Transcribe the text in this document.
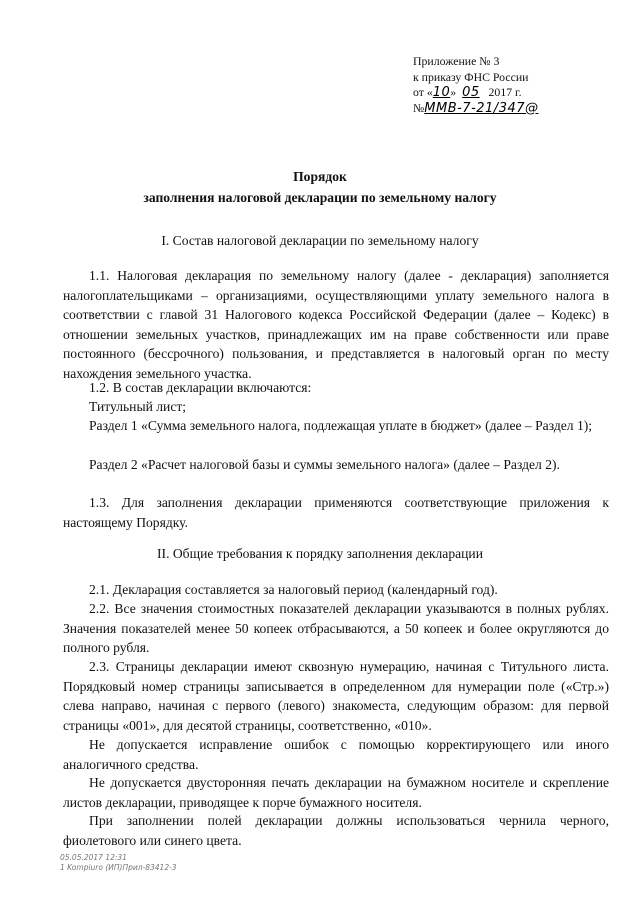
Приложение № 3
к приказу ФНС России
от «10» 05 2017 г.
№ММВ-7-21/347@
Порядок
заполнения налоговой декларации по земельному налогу
I. Состав налоговой декларации по земельному налогу
1.1. Налоговая декларация по земельному налогу (далее - декларация) заполняется налогоплательщиками – организациями, осуществляющими уплату земельного налога в соответствии с главой 31 Налогового кодекса Российской Федерации (далее – Кодекс) в отношении земельных участков, принадлежащих им на праве собственности или праве постоянного (бессрочного) пользования, и представляется в налоговый орган по месту нахождения земельного участка.
1.2. В состав декларации включаются:
Титульный лист;
Раздел 1 «Сумма земельного налога, подлежащая уплате в бюджет» (далее – Раздел 1);
Раздел 2 «Расчет налоговой базы и суммы земельного налога» (далее – Раздел 2).
1.3. Для заполнения декларации применяются соответствующие приложения к настоящему Порядку.
II. Общие требования к порядку заполнения декларации
2.1. Декларация составляется за налоговый период (календарный год).
2.2. Все значения стоимостных показателей декларации указываются в полных рублях. Значения показателей менее 50 копеек отбрасываются, а 50 копеек и более округляются до полного рубля.
2.3. Страницы декларации имеют сквозную нумерацию, начиная с Титульного листа. Порядковый номер страницы записывается в определенном для нумерации поле («Стр.») слева направо, начиная с первого (левого) знакоместа, следующим образом: для первой страницы «001», для десятой страницы, соответственно, «010».
Не допускается исправление ошибок с помощью корректирующего или иного аналогичного средства.
Не допускается двусторонняя печать декларации на бумажном носителе и скрепление листов декларации, приводящее к порче бумажного носителя.
При заполнении полей декларации должны использоваться чернила черного, фиолетового или синего цвета.
05.05.2017 12:31
1 Kompiuro (ИП)Прил-83412-3
